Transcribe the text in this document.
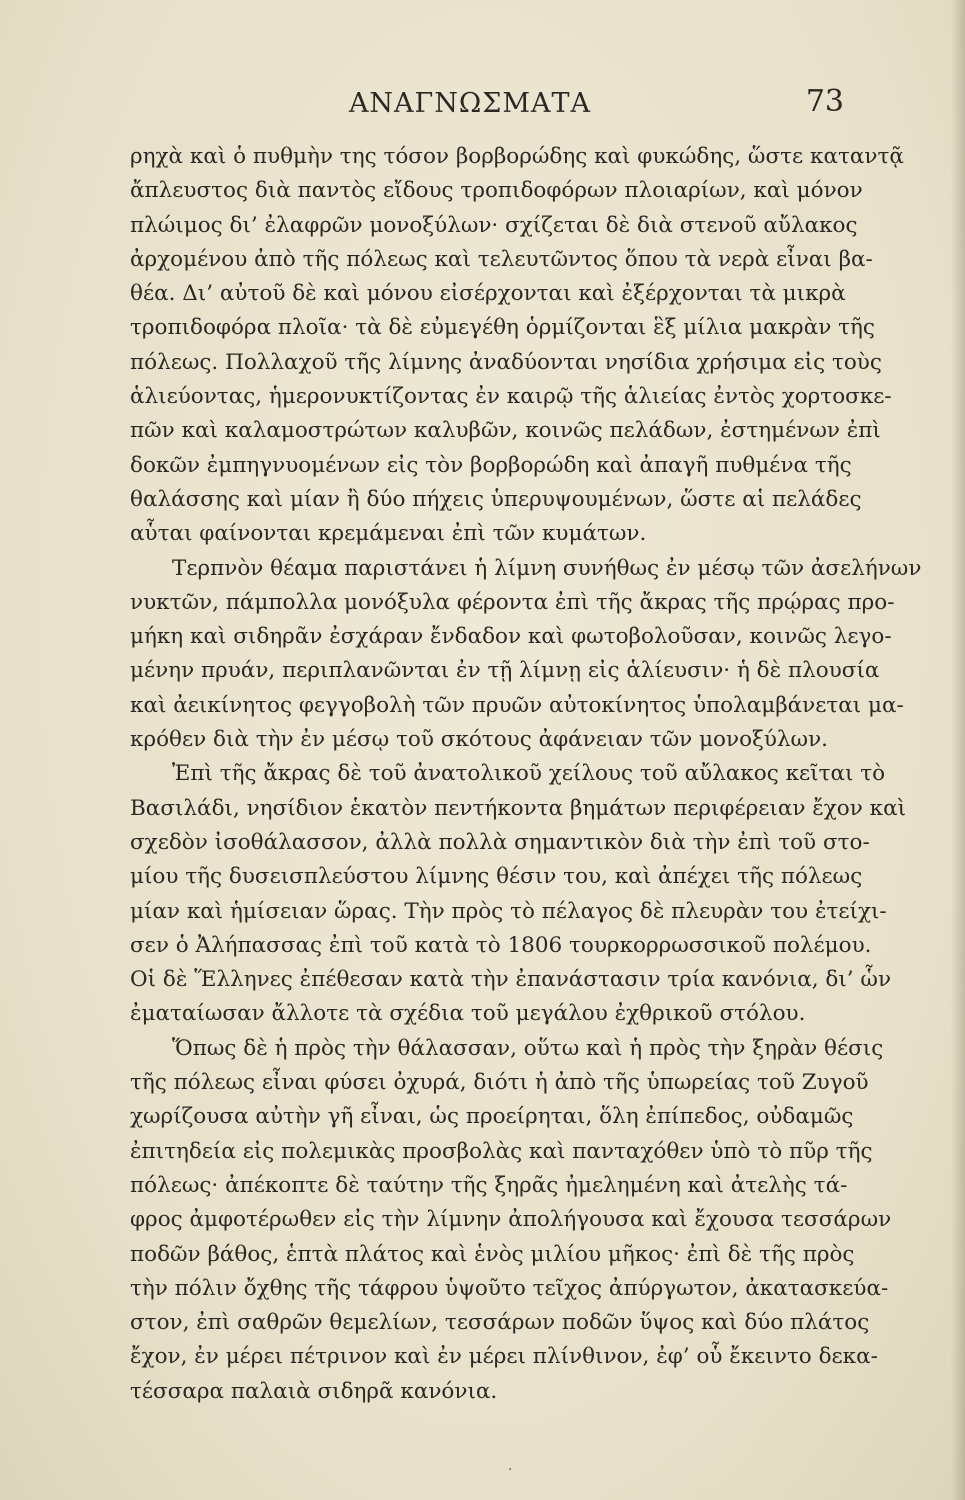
ΑΝΑΓΝΩΣΜΑΤΑ	73
ρηχὰ καὶ ὁ πυθμὴν της τόσον βορβορώδης καὶ φυκώδης, ὥστε καταντᾷ
ἄπλευστος διὰ παντὸς εἴδους τροπιδοφόρων πλοιαρίων, καὶ μόνον
πλώιμος δι’ ἐλαφρῶν μονοξύλων· σχίζεται δὲ διὰ στενοῦ αὔλακος
ἀρχομένου ἀπὸ τῆς πόλεως καὶ τελευτῶντος ὅπου τὰ νερὰ εἶναι βα-
θέα. Δι’ αὐτοῦ δὲ καὶ μόνου εἰσέρχονται καὶ ἐξέρχονται τὰ μικρὰ
τροπιδοφόρα πλοῖα· τὰ δὲ εὐμεγέθη ὁρμίζονται ἓξ μίλια μακρὰν τῆς
πόλεως. Πολλαχοῦ τῆς λίμνης ἀναδύονται νησίδια χρήσιμα εἰς τοὺς
ἁλιεύοντας, ἡμερονυκτίζοντας ἐν καιρῷ τῆς ἁλιείας ἐντὸς χορτοσκε-
πῶν καὶ καλαμοστρώτων καλυβῶν, κοινῶς πελάδων, ἐστημένων ἐπὶ
δοκῶν ἐμπηγνυομένων εἰς τὸν βορβορώδη καὶ ἀπαγῆ πυθμένα τῆς
θαλάσσης καὶ μίαν ἢ δύο πήχεις ὑπερυψουμένων, ὥστε αἱ πελάδες
αὗται φαίνονται κρεμάμεναι ἐπὶ τῶν κυμάτων.
Τερπνὸν θέαμα παριστάνει ἡ λίμνη συνήθως ἐν μέσῳ τῶν ἀσελήνων
νυκτῶν, πάμπολλα μονόξυλα φέροντα ἐπὶ τῆς ἄκρας τῆς πρῴρας προ-
μήκη καὶ σιδηρᾶν ἐσχάραν ἔνδαδον καὶ φωτοβολοῦσαν, κοινῶς λεγο-
μένην πρυάν, περιπλανῶνται ἐν τῇ λίμνῃ εἰς ἁλίευσιν· ἡ δὲ πλουσία
καὶ ἀεικίνητος φεγγοβολὴ τῶν πρυῶν αὐτοκίνητος ὑπολαμβάνεται μα-
κρόθεν διὰ τὴν ἐν μέσῳ τοῦ σκότους ἀφάνειαν τῶν μονοξύλων.
Ἐπὶ τῆς ἄκρας δὲ τοῦ ἀνατολικοῦ χείλους τοῦ αὔλακος κεῖται τὸ
Βασιλάδι, νησίδιον ἑκατὸν πεντήκοντα βημάτων περιφέρειαν ἔχον καὶ
σχεδὸν ἰσοθάλασσον, ἀλλὰ πολλὰ σημαντικὸν διὰ τὴν ἐπὶ τοῦ στο-
μίου τῆς δυσεισπλεύστου λίμνης θέσιν του, καὶ ἀπέχει τῆς πόλεως
μίαν καὶ ἡμίσειαν ὥρας. Τὴν πρὸς τὸ πέλαγος δὲ πλευρὰν του ἐτείχι-
σεν ὁ Ἀλήπασσας ἐπὶ τοῦ κατὰ τὸ 1806 τουρκορρωσσικοῦ πολέμου.
Οἱ δὲ Ἕλληνες ἐπέθεσαν κατὰ τὴν ἐπανάστασιν τρία κανόνια, δι’ ὧν
ἐματαίωσαν ἄλλοτε τὰ σχέδια τοῦ μεγάλου ἐχθρικοῦ στόλου.
Ὅπως δὲ ἡ πρὸς τὴν θάλασσαν, οὕτω καὶ ἡ πρὸς τὴν ξηρὰν θέσις
τῆς πόλεως εἶναι φύσει ὀχυρά, διότι ἡ ἀπὸ τῆς ὑπωρείας τοῦ Ζυγοῦ
χωρίζουσα αὐτὴν γῆ εἶναι, ὡς προείρηται, ὅλη ἐπίπεδος, οὐδαμῶς
ἐπιτηδεία εἰς πολεμικὰς προσβολὰς καὶ πανταχόθεν ὑπὸ τὸ πῦρ τῆς
πόλεως· ἀπέκοπτε δὲ ταύτην τῆς ξηρᾶς ἠμελημένη καὶ ἀτελὴς τά-
φρος ἀμφοτέρωθεν εἰς τὴν λίμνην ἀπολήγουσα καὶ ἔχουσα τεσσάρων
ποδῶν βάθος, ἑπτὰ πλάτος καὶ ἑνὸς μιλίου μῆκος· ἐπὶ δὲ τῆς πρὸς
τὴν πόλιν ὄχθης τῆς τάφρου ὑψοῦτο τεῖχος ἀπύργωτον, ἀκατασκεύα-
στον, ἐπὶ σαθρῶν θεμελίων, τεσσάρων ποδῶν ὕψος καὶ δύο πλάτος
ἔχον, ἐν μέρει πέτρινον καὶ ἐν μέρει πλίνθινον, ἐφ’ οὗ ἔκειντο δεκα-
τέσσαρα παλαιὰ σιδηρᾶ κανόνια.
·
